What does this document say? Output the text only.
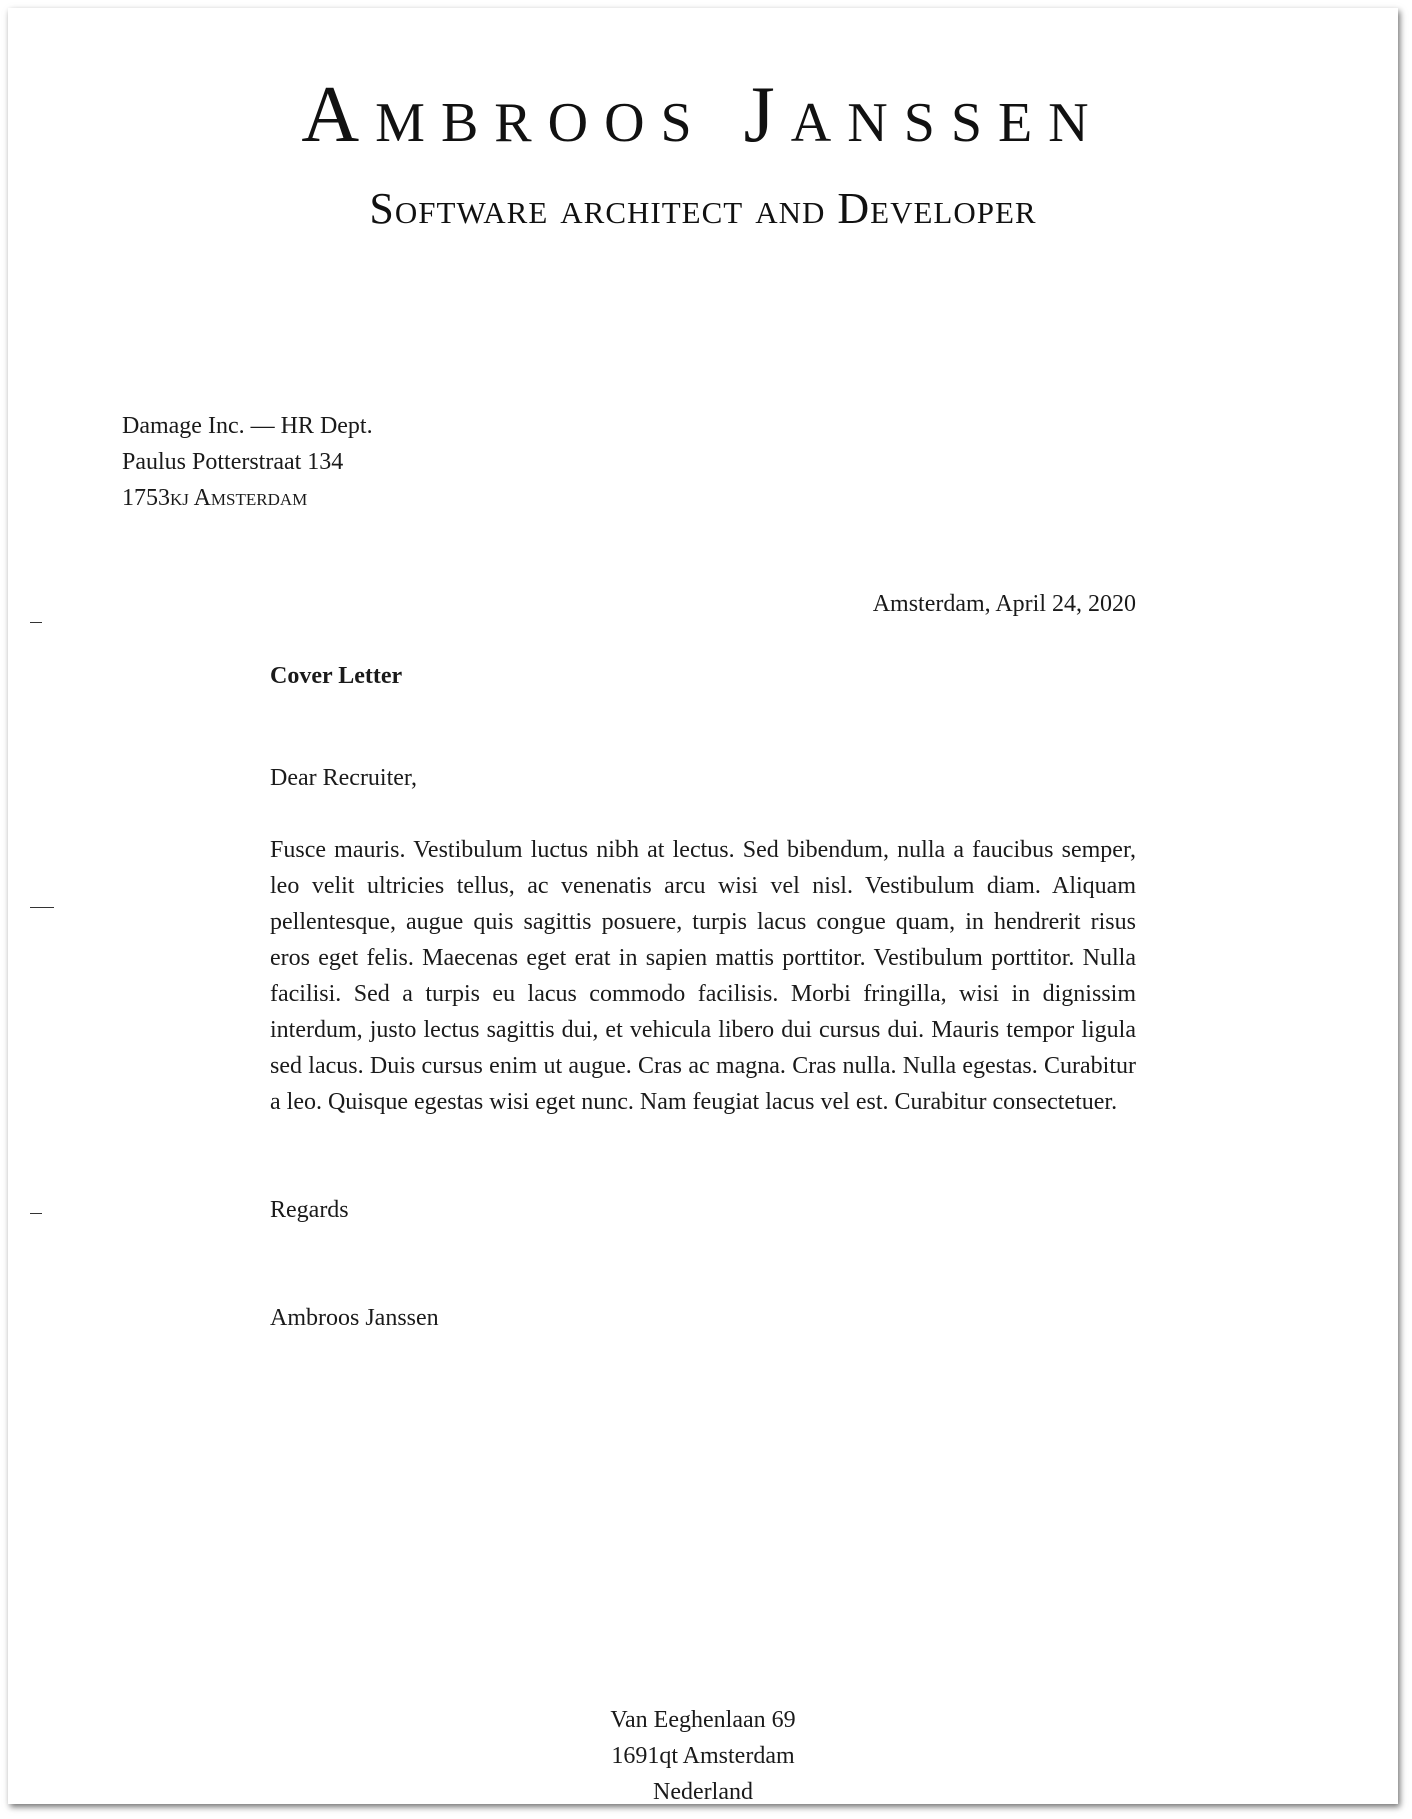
Ambroos Janssen
Software architect and Developer
Damage Inc. — HR Dept.
Paulus Potterstraat 134
1753kj Amsterdam
Amsterdam, April 24, 2020
Cover Letter
Dear Recruiter,
Fusce mauris. Vestibulum luctus nibh at lectus. Sed bibendum, nulla a faucibus semper, leo velit ultricies tellus, ac venenatis arcu wisi vel nisl. Vestibulum diam. Aliquam pellentesque, augue quis sagittis posuere, turpis lacus congue quam, in hendrerit risus eros eget felis. Maecenas eget erat in sapien mattis porttitor. Vestibulum porttitor. Nulla facilisi. Sed a turpis eu lacus commodo facilisis. Morbi fringilla, wisi in dignissim interdum, justo lectus sagittis dui, et vehicula libero dui cursus dui. Mauris tempor ligula sed lacus. Duis cursus enim ut augue. Cras ac magna. Cras nulla. Nulla egestas. Curabitur a leo. Quisque egestas wisi eget nunc. Nam feugiat lacus vel est. Curabitur consectetuer.
Regards
Ambroos Janssen
Van Eeghenlaan 69
1691qt Amsterdam
Nederland
